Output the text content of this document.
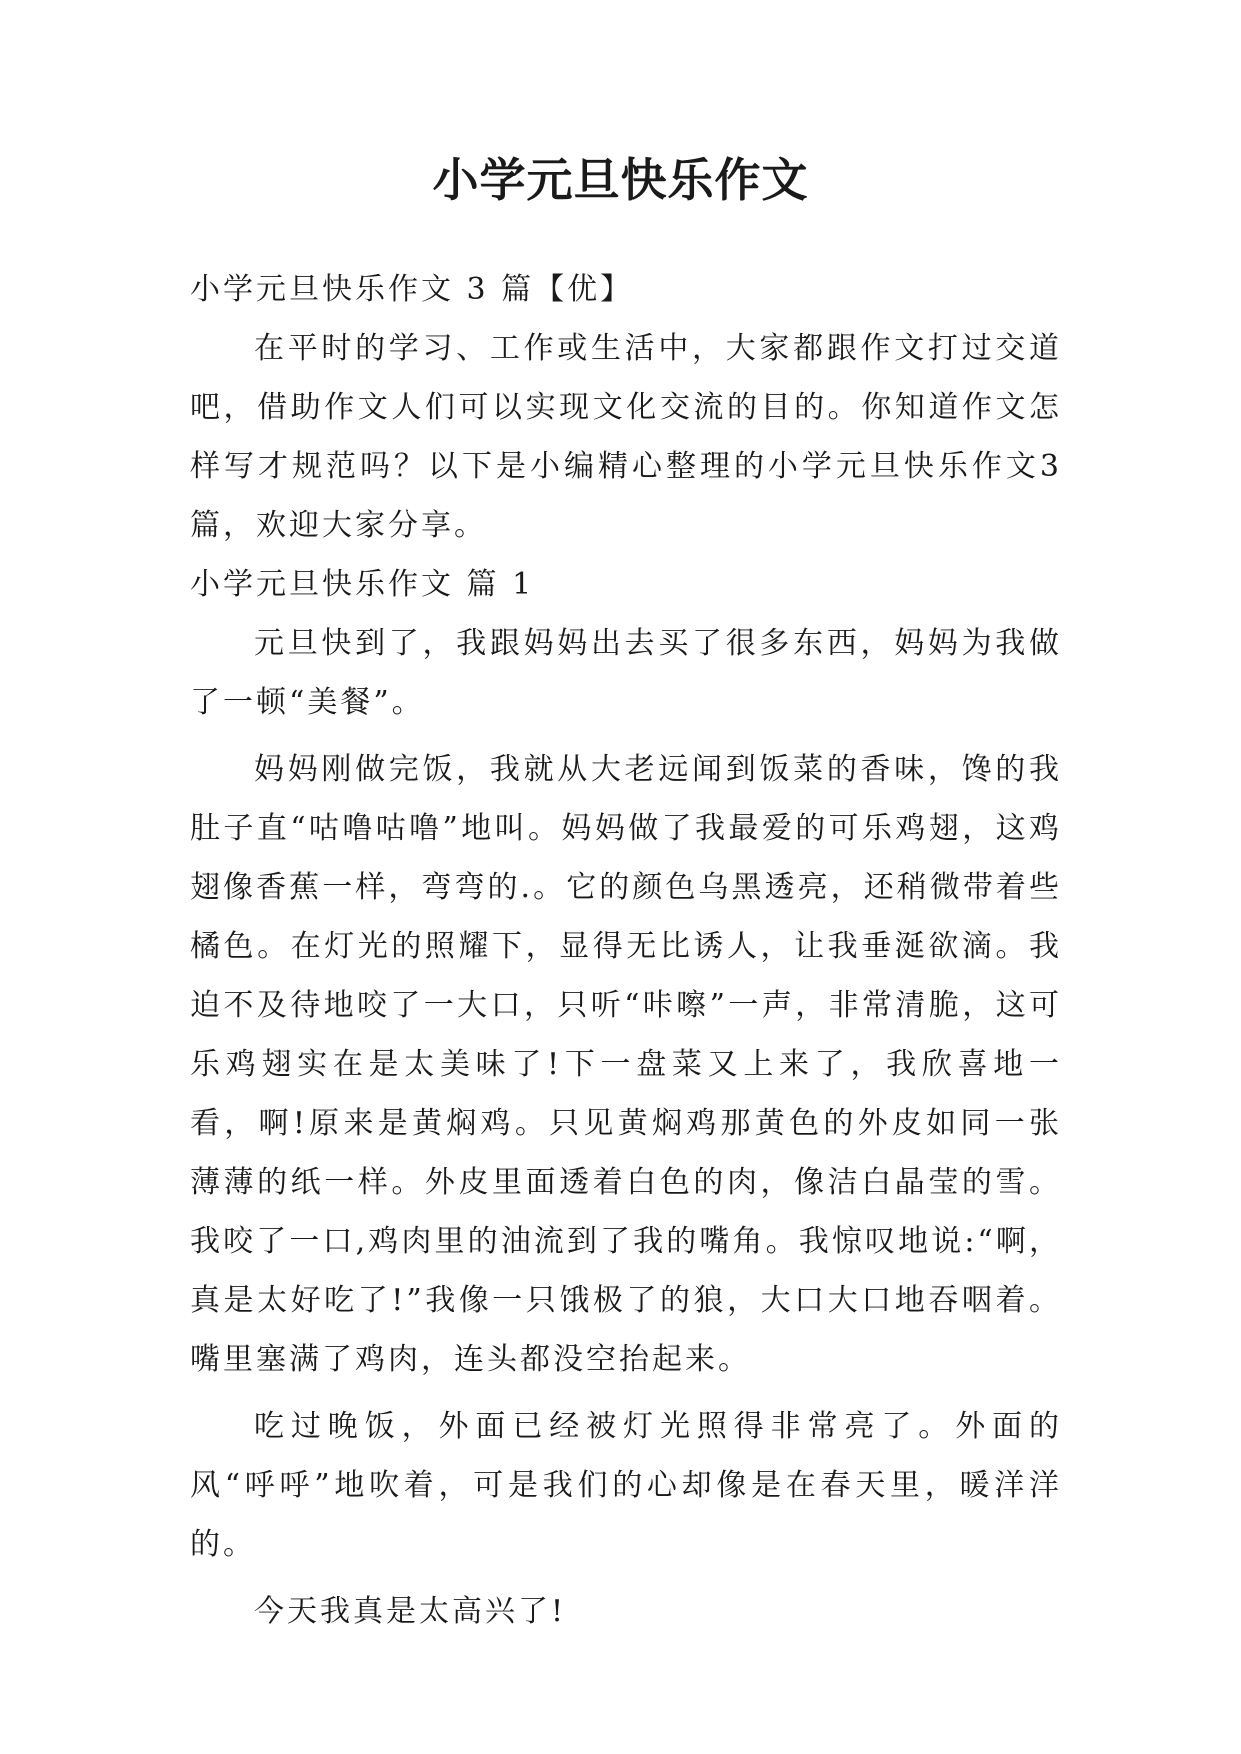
小学元旦快乐作文

小学元旦快乐作文 3 篇【优】

在平时的学习、工作或生活中，大家都跟作文打过交道吧，借助作文人们可以实现文化交流的目的。你知道作文怎样写才规范吗？以下是小编精心整理的小学元旦快乐作文3篇，欢迎大家分享。

小学元旦快乐作文 篇 1

元旦快到了，我跟妈妈出去买了很多东西，妈妈为我做了一顿“美餐”。

妈妈刚做完饭，我就从大老远闻到饭菜的香味，馋的我肚子直“咕噜咕噜”地叫。妈妈做了我最爱的可乐鸡翅，这鸡翅像香蕉一样，弯弯的.。它的颜色乌黑透亮，还稍微带着些橘色。在灯光的照耀下，显得无比诱人，让我垂涎欲滴。我迫不及待地咬了一大口，只听“咔嚓”一声，非常清脆，这可乐鸡翅实在是太美味了!下一盘菜又上来了，我欣喜地一看，啊!原来是黄焖鸡。只见黄焖鸡那黄色的外皮如同一张薄薄的纸一样。外皮里面透着白色的肉，像洁白晶莹的雪。我咬了一口,鸡肉里的油流到了我的嘴角。我惊叹地说:“啊，真是太好吃了!”我像一只饿极了的狼，大口大口地吞咽着。嘴里塞满了鸡肉，连头都没空抬起来。

吃过晚饭，外面已经被灯光照得非常亮了。外面的风“呼呼”地吹着，可是我们的心却像是在春天里，暖洋洋的。

今天我真是太高兴了!
